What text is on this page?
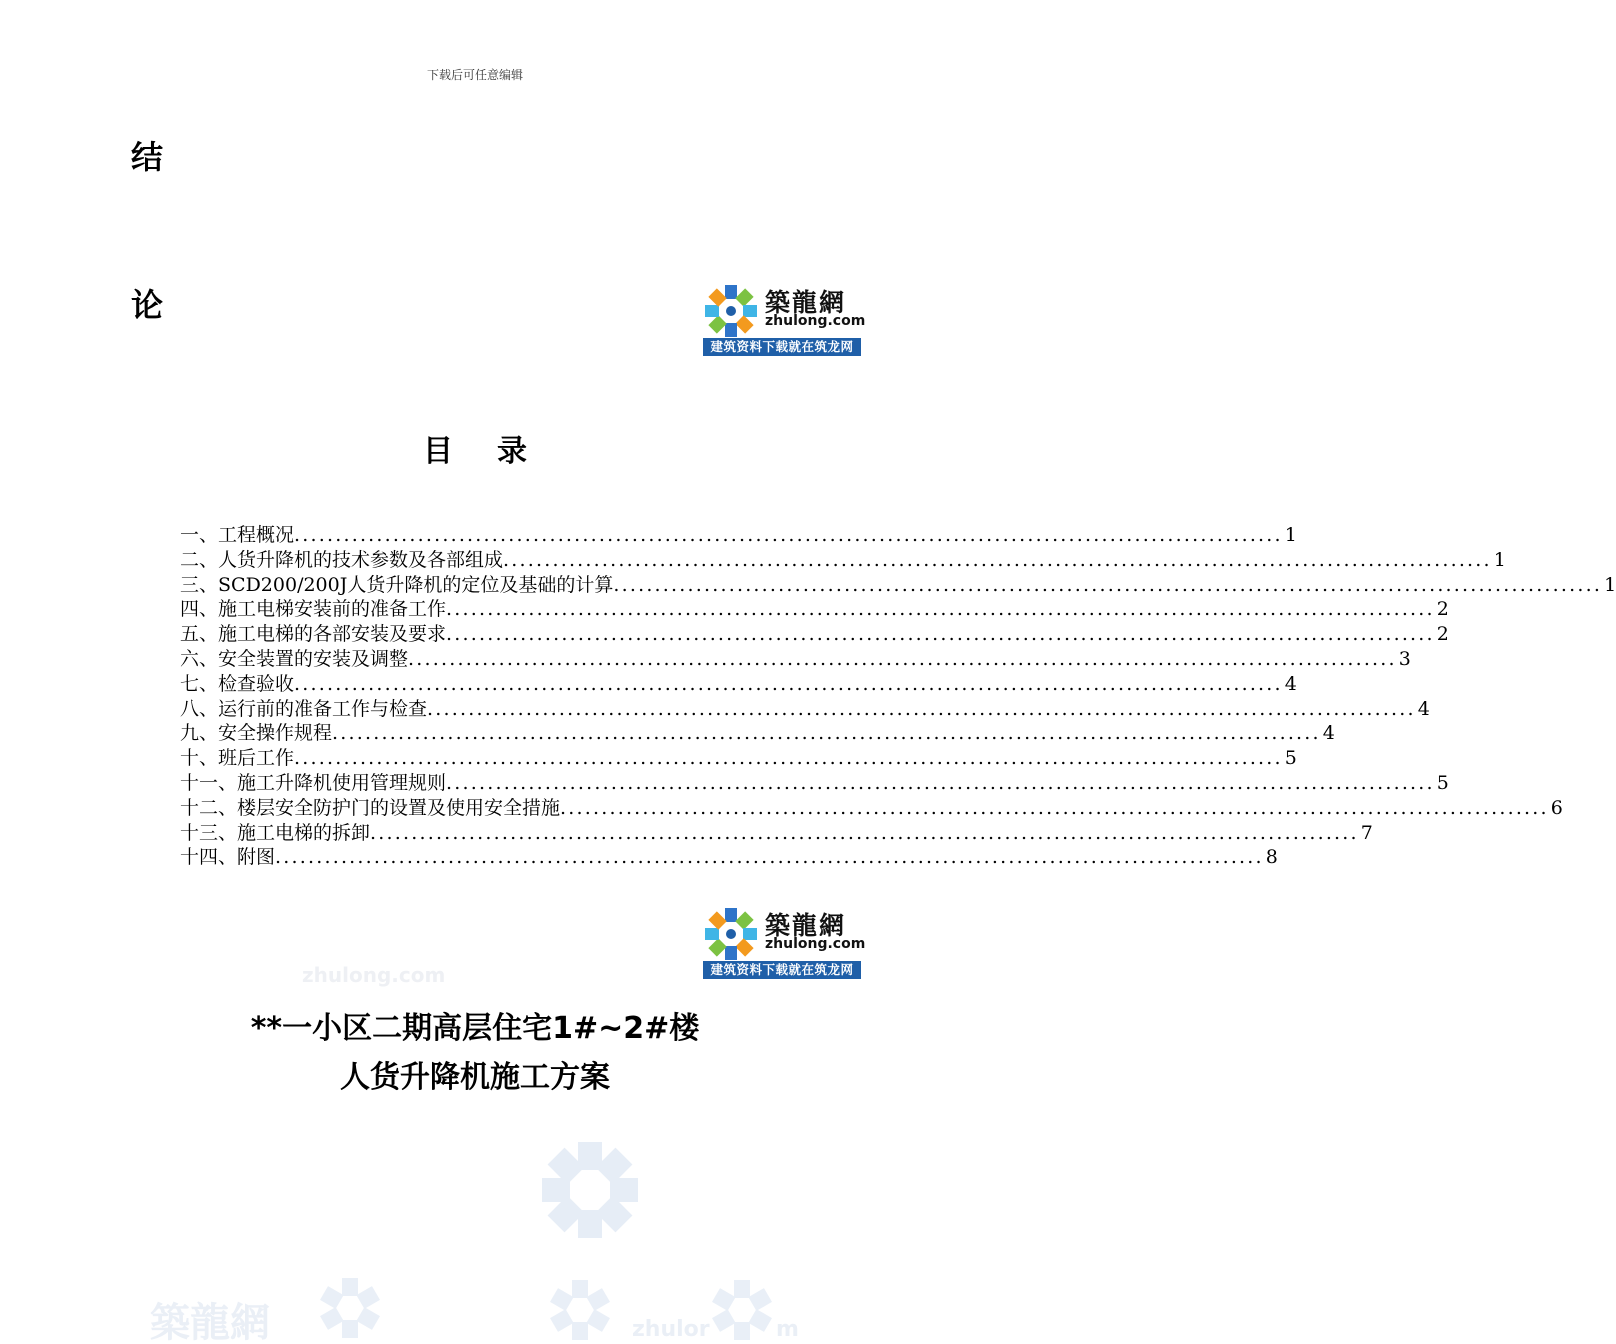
下载后可任意编辑
结
论	築龍網
zhulong.com
建筑资料下载就在筑龙网
目 录
一、 工程概况 ........................................................................................................................ 1
二、 人货升降机的技术参数及各部组成 ........................................................................................................................ 1
三、 SCD200/200J人货升降机的定位及基础的计算 ........................................................................................................................ 1
四、 施工电梯安装前的准备工作 ........................................................................................................................ 2
五、 施工电梯的各部安装及要求 ........................................................................................................................ 2
六、 安全装置的安装及调整 ........................................................................................................................ 3
七、 检查验收 ........................................................................................................................ 4
八、 运行前的准备工作与检查 ........................................................................................................................ 4
九、 安全操作规程 ........................................................................................................................ 4
十、 班后工作 ........................................................................................................................ 5
十一、 施工升降机使用管理规则 ........................................................................................................................ 5
十二、 楼层安全防护门的设置及使用安全措施 ........................................................................................................................ 6
十三、 施工电梯的拆卸 ........................................................................................................................ 7
十四、 附图 ........................................................................................................................ 8
築龍網
zhulong.com
建筑资料下载就在筑龙网
zhulong.com
**一小区二期高层住宅1#~2#楼
人货升降机施工方案
築龍網	zhulor	m
